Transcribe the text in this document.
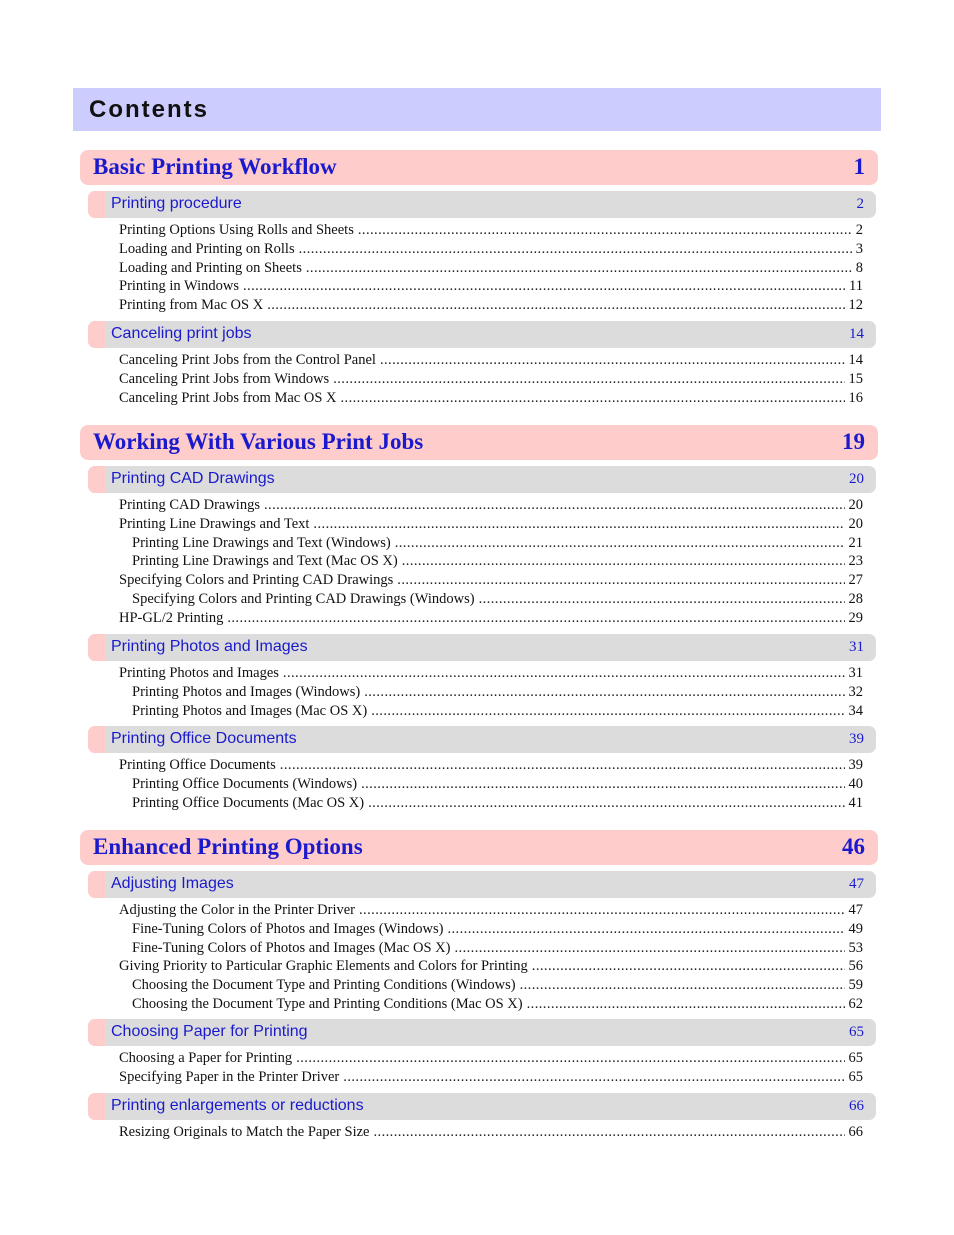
Contents
Basic Printing Workflow	1
Printing procedure	2
Printing Options Using Rolls and Sheets . . .	2
Loading and Printing on Rolls . . .	3
Loading and Printing on Sheets . . .	8
Printing in Windows . . .	11
Printing from Mac OS X . . .	12
Canceling print jobs	14
Canceling Print Jobs from the Control Panel . . .	14
Canceling Print Jobs from Windows . . .	15
Canceling Print Jobs from Mac OS X . . .	16
Working With Various Print Jobs	19
Printing CAD Drawings	20
Printing CAD Drawings . . .	20
Printing Line Drawings and Text . . .	20
Printing Line Drawings and Text (Windows) . . .	21
Printing Line Drawings and Text (Mac OS X) . . .	23
Specifying Colors and Printing CAD Drawings . . .	27
Specifying Colors and Printing CAD Drawings (Windows) . . .	28
HP-GL/2 Printing . . .	29
Printing Photos and Images	31
Printing Photos and Images . . .	31
Printing Photos and Images (Windows) . . .	32
Printing Photos and Images (Mac OS X) . . .	34
Printing Office Documents	39
Printing Office Documents . . .	39
Printing Office Documents (Windows) . . .	40
Printing Office Documents (Mac OS X) . . .	41
Enhanced Printing Options	46
Adjusting Images	47
Adjusting the Color in the Printer Driver . . .	47
Fine-Tuning Colors of Photos and Images (Windows) . . .	49
Fine-Tuning Colors of Photos and Images (Mac OS X) . . .	53
Giving Priority to Particular Graphic Elements and Colors for Printing . . .	56
Choosing the Document Type and Printing Conditions (Windows) . . .	59
Choosing the Document Type and Printing Conditions (Mac OS X) . . .	62
Choosing Paper for Printing	65
Choosing a Paper for Printing . . .	65
Specifying Paper in the Printer Driver . . .	65
Printing enlargements or reductions	66
Resizing Originals to Match the Paper Size . . .	66
